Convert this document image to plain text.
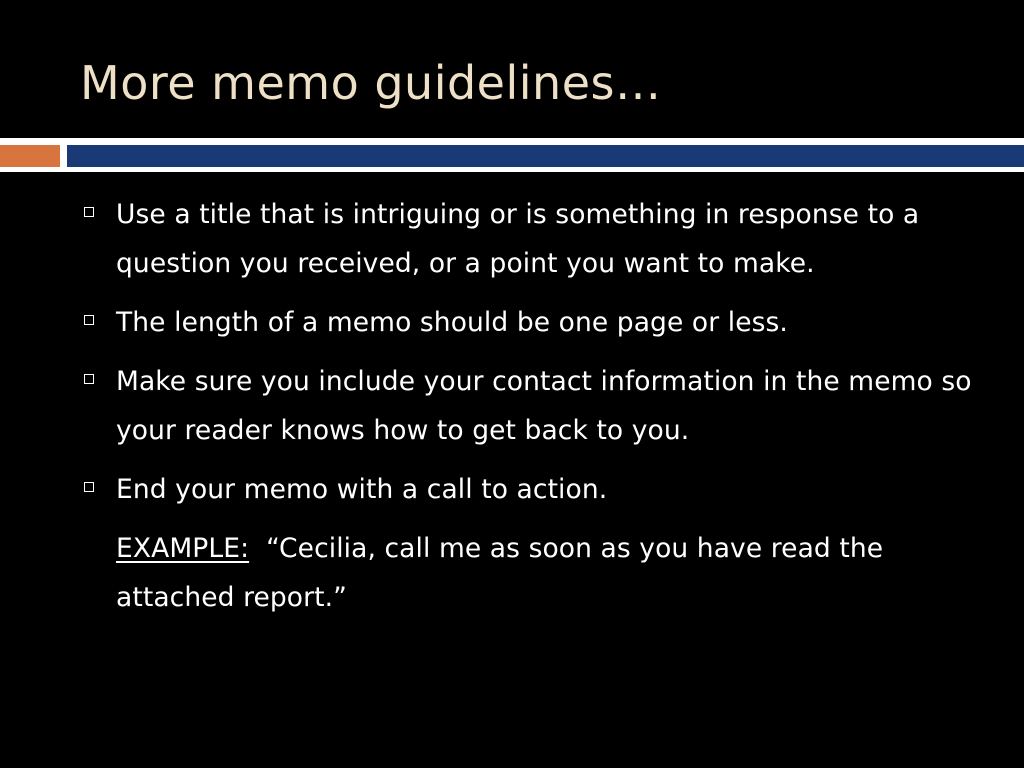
More memo guidelines…
Use a title that is intriguing or is something in response to a question you received, or a point you want to make.
The length of a memo should be one page or less.
Make sure you include your contact information in the memo so your reader knows how to get back to you.
End your memo with a call to action.
EXAMPLE: “Cecilia, call me as soon as you have read the attached report.”
